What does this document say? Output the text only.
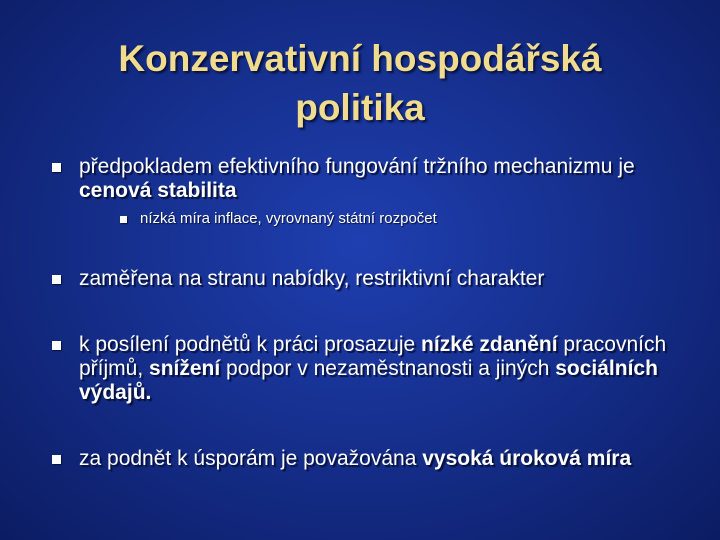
Konzervativní hospodářská
politika
předpokladem efektivního fungování tržního mechanizmu je cenová stabilita
nízká míra inflace, vyrovnaný státní rozpočet
zaměřena na stranu nabídky, restriktivní charakter
k posílení podnětů k práci prosazuje nízké zdanění pracovních příjmů, snížení podpor v nezaměstnanosti a jiných sociálních výdajů.
za podnět k úsporám je považována vysoká úroková míra
